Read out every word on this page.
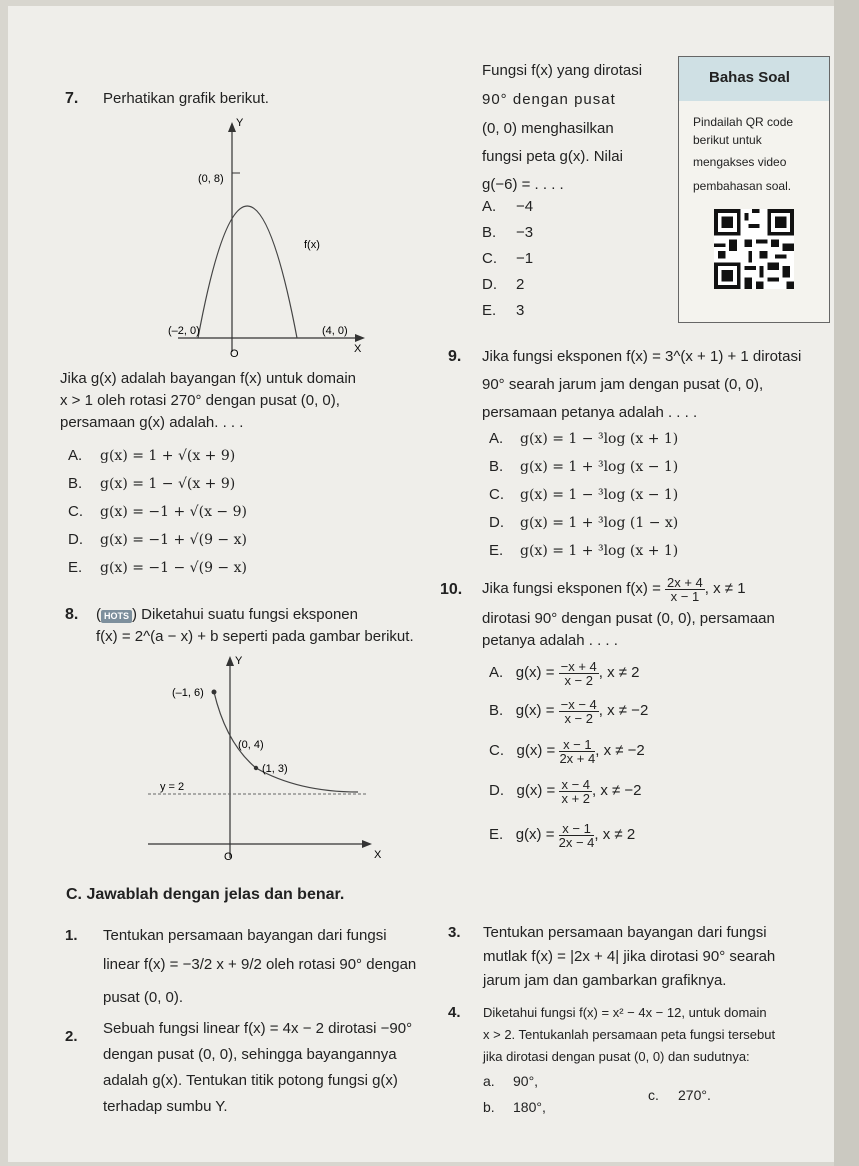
7. Perhatikan grafik berikut.
Y
X
O
(0, 8)
(–2, 0)	(4, 0)
f(x)
Jika g(x) adalah bayangan f(x) untuk domain
x > 1 oleh rotasi 270° dengan pusat (0, 0),
persamaan g(x) adalah. . . .
A. g(x) = 1 + √(x + 9)
B. g(x) = 1 − √(x + 9)
C. g(x) = −1 + √(x − 9)
D. g(x) = −1 + √(9 − x)
E. g(x) = −1 − √(9 − x)
8. ( HOTS ) Diketahui suatu fungsi eksponen
f(x) = 2^(a − x) + b seperti pada gambar berikut.
Y
X
O
(–1, 6)
(0, 4)
(1, 3)
y = 2
Fungsi f(x) yang dirotasi
90° dengan pusat
(0, 0) menghasilkan
fungsi peta g(x). Nilai
g(−6) = . . . .
A. −4
B. −3
C. −1
D. 2
E. 3
Bahas Soal
Pindailah QR code
berikut untuk
mengakses video
pembahasan soal.
9. Jika fungsi eksponen f(x) = 3^(x + 1) + 1 dirotasi
90° searah jarum jam dengan pusat (0, 0),
persamaan petanya adalah . . . .
A. g(x) = 1 − ³log (x + 1)
B. g(x) = 1 + ³log (x − 1)
C. g(x) = 1 − ³log (x − 1)
D. g(x) = 1 + ³log (1 − x)
E. g(x) = 1 + ³log (x + 1)
10. Jika fungsi eksponen $f(x) = \frac{2x + 4}{x - 1}$ , x ≠ 1
dirotasi 90° dengan pusat (0, 0), persamaan
petanya adalah . . . .
A. $g(x) = \frac{-x + 4}{x - 2}$ , x ≠ 2
B. $g(x) = \frac{-x - 4}{x - 2}$ , x ≠ −2
C. $g(x) = \frac{x - 1}{2x + 4}$ , x ≠ −2
D. $g(x) = \frac{x - 4}{x + 2}$ , x ≠ −2
E. $g(x) = \frac{x - 1}{2x - 4}$ , x ≠ 2
C. Jawablah dengan jelas dan benar.
1. Tentukan persamaan bayangan dari fungsi
linear f(x) = −3/2 x + 9/2 oleh rotasi 90° dengan
pusat (0, 0).
2. Sebuah fungsi linear f(x) = 4x − 2 dirotasi −90°
dengan pusat (0, 0), sehingga bayangannya
adalah g(x). Tentukan titik potong fungsi g(x)
terhadap sumbu Y.
3. Tentukan persamaan bayangan dari fungsi
mutlak f(x) = |2x + 4| jika dirotasi 90° searah
jarum jam dan gambarkan grafiknya.
4. Diketahui fungsi f(x) = x² − 4x − 12, untuk domain
x > 2. Tentukanlah persamaan peta fungsi tersebut
jika dirotasi dengan pusat (0, 0) dan sudutnya:
a. 90°,
b. 180°,
c. 270°.
